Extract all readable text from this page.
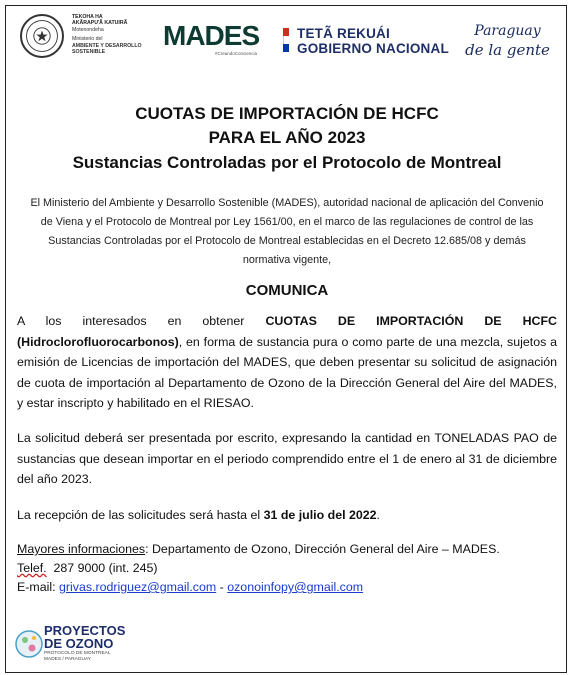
TEKOHA HA
AKÃRAPU'Ã KATUIRÃ
Motenondeha
Ministerio del
AMBIENTE Y DESARROLLO
SOSTENIBLE
MADES
#CreandoConciencia
TETÃ REKUÁI
GOBIERNO NACIONAL
Paraguay
de la gente
CUOTAS DE IMPORTACIÓN DE HCFC
PARA EL AÑO 2023
Sustancias Controladas por el Protocolo de Montreal
El Ministerio del Ambiente y Desarrollo Sostenible (MADES), autoridad nacional de aplicación del Convenio de Viena y el Protocolo de Montreal por Ley 1561/00, en el marco de las regulaciones de control de las Sustancias Controladas por el Protocolo de Montreal establecidas en el Decreto 12.685/08 y demás normativa vigente,
COMUNICA
A los interesados en obtener CUOTAS DE IMPORTACIÓN DE HCFC (Hidroclorofluorocarbonos), en forma de sustancia pura o como parte de una mezcla, sujetos a emisión de Licencias de importación del MADES, que deben presentar su solicitud de asignación de cuota de importación al Departamento de Ozono de la Dirección General del Aire del MADES, y estar inscripto y habilitado en el RIESAO.
La solicitud deberá ser presentada por escrito, expresando la cantidad en TONELADAS PAO de sustancias que desean importar en el periodo comprendido entre el 1 de enero al 31 de diciembre del año 2023.
La recepción de las solicitudes será hasta el 31 de julio del 2022.
Mayores informaciones: Departamento de Ozono, Dirección General del Aire – MADES.
Telef.  287 9000 (int. 245)
E-mail: grivas.rodriguez@gmail.com - ozonoinfopy@gmail.com
PROYECTOS
DE OZONO
PROTOCOLO DE MONTREAL
MADES / PARAGUAY
